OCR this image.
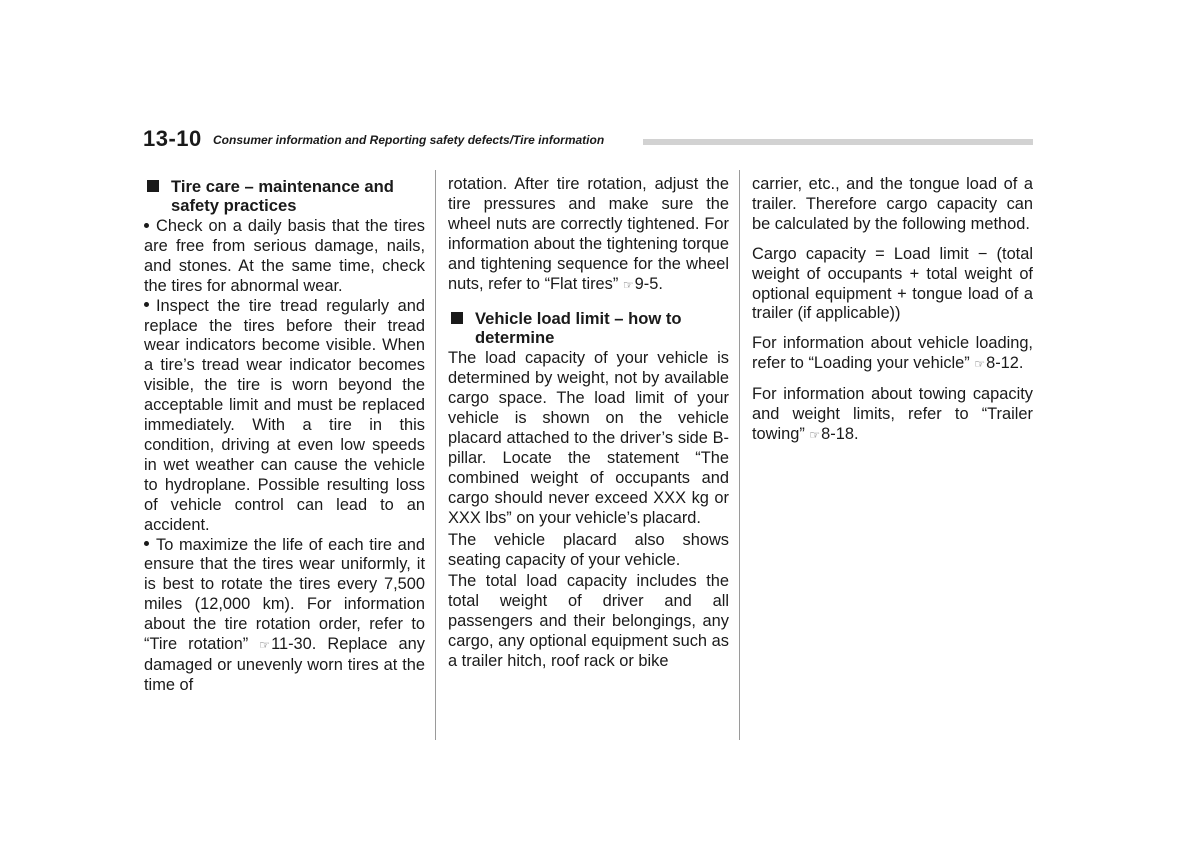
13-10 Consumer information and Reporting safety defects/Tire information
Tire care – maintenance and safety practices

Check on a daily basis that the tires are free from serious damage, nails, and stones. At the same time, check the tires for abnormal wear.

Inspect the tire tread regularly and replace the tires before their tread wear indicators become visible. When a tire’s tread wear indicator becomes visible, the tire is worn beyond the acceptable limit and must be replaced immediately. With a tire in this condition, driving at even low speeds in wet weather can cause the vehicle to hydroplane. Possible resulting loss of vehicle control can lead to an accident.

To maximize the life of each tire and ensure that the tires wear uniformly, it is best to rotate the tires every 7,500 miles (12,000 km). For information about the tire rotation order, refer to “Tire rotation” ☞11-30. Replace any damaged or unevenly worn tires at the time of

rotation. After tire rotation, adjust the tire pressures and make sure the wheel nuts are correctly tightened. For information about the tightening torque and tightening sequence for the wheel nuts, refer to “Flat tires” ☞9-5.

Vehicle load limit – how to determine

The load capacity of your vehicle is determined by weight, not by available cargo space. The load limit of your vehicle is shown on the vehicle placard attached to the driver’s side B-pillar. Locate the statement “The combined weight of occupants and cargo should never exceed XXX kg or XXX lbs” on your vehicle’s placard.

The vehicle placard also shows seating capacity of your vehicle.

The total load capacity includes the total weight of driver and all passengers and their belongings, any cargo, any optional equipment such as a trailer hitch, roof rack or bike

carrier, etc., and the tongue load of a trailer. Therefore cargo capacity can be calculated by the following method.

Cargo capacity = Load limit − (total weight of occupants + total weight of optional equipment + tongue load of a trailer (if applicable))

For information about vehicle loading, refer to “Loading your vehicle” ☞8-12.

For information about towing capacity and weight limits, refer to “Trailer towing” ☞8-18.
